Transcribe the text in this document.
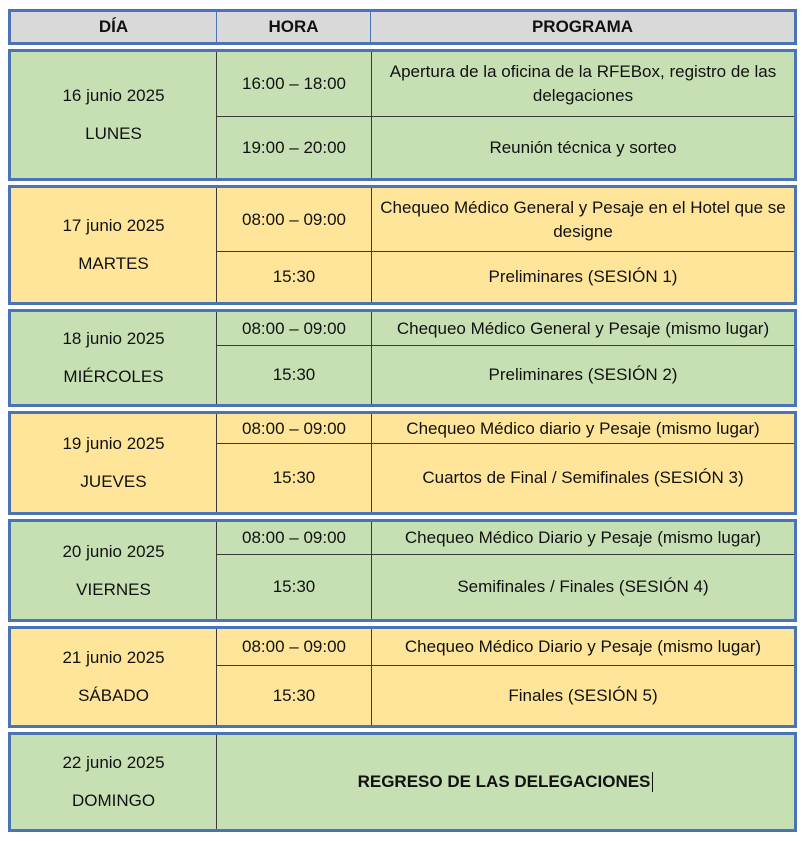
DÍA	HORA	PROGRAMA
16 junio 2025
LUNES
16:00 – 18:00
19:00 – 20:00
Apertura de la oficina de la RFEBox, registro de las delegaciones
Reunión técnica y sorteo
17 junio 2025
MARTES
08:00 – 09:00
15:30
Chequeo Médico General y Pesaje en el Hotel que se designe
Preliminares (SESIÓN 1)
18 junio 2025
MIÉRCOLES
08:00 – 09:00
15:30
Chequeo Médico General y Pesaje (mismo lugar)
Preliminares (SESIÓN 2)
19 junio 2025
JUEVES
08:00 – 09:00
15:30
Chequeo Médico diario y Pesaje (mismo lugar)
Cuartos de Final / Semifinales (SESIÓN 3)
20 junio 2025
VIERNES
08:00 – 09:00
15:30
Chequeo Médico Diario y Pesaje (mismo lugar)
Semifinales / Finales (SESIÓN 4)
21 junio 2025
SÁBADO
08:00 – 09:00
15:30
Chequeo Médico Diario y Pesaje (mismo lugar)
Finales (SESIÓN 5)
22 junio 2025
DOMINGO
REGRESO DE LAS DELEGACIONES
